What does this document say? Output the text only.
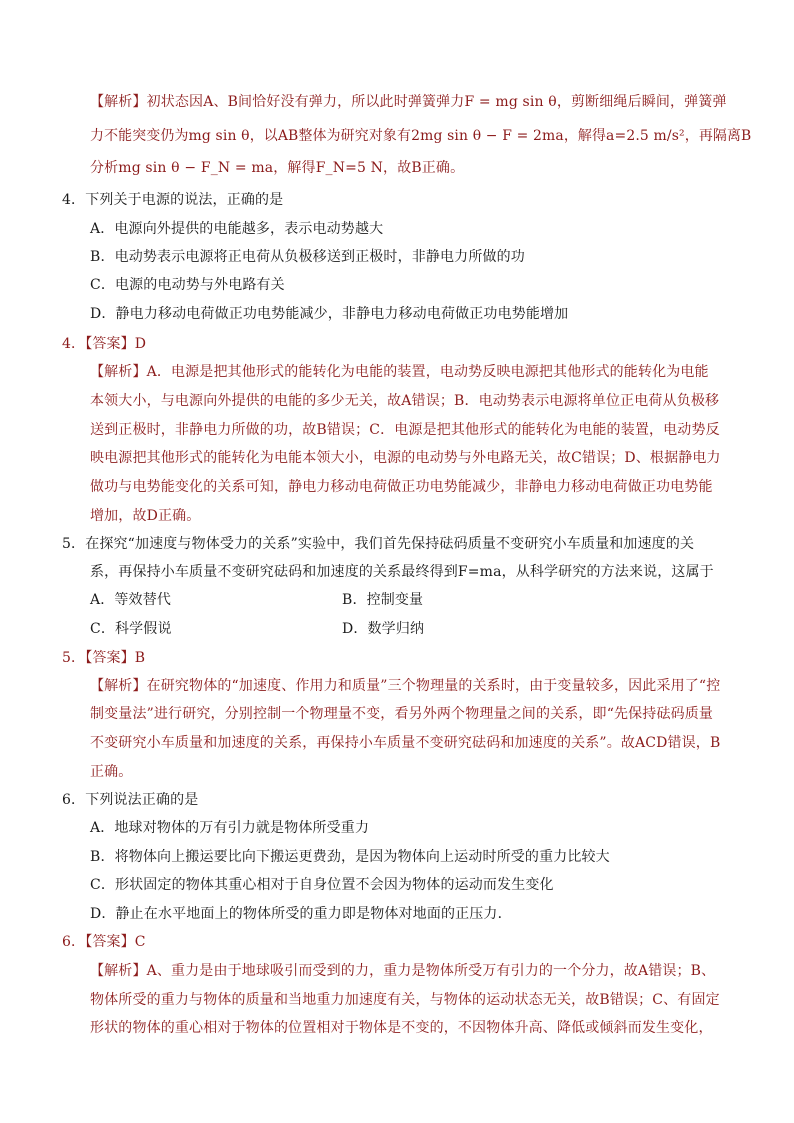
【解析】初状态因A、B间恰好没有弹力，所以此时弹簧弹力F = mg sin θ，剪断细绳后瞬间，弹簧弹
力不能突变仍为mg sin θ，以AB整体为研究对象有2mg sin θ − F = 2ma，解得a=2.5 m/s²，再隔离B
分析mg sin θ − F_N = ma，解得F_N=5 N，故B正确。
4．下列关于电源的说法，正确的是
A．电源向外提供的电能越多，表示电动势越大
B．电动势表示电源将正电荷从负极移送到正极时，非静电力所做的功
C．电源的电动势与外电路有关
D．静电力移动电荷做正功电势能减少，非静电力移动电荷做正功电势能增加
4．【答案】D
【解析】A．电源是把其他形式的能转化为电能的装置，电动势反映电源把其他形式的能转化为电能
本领大小，与电源向外提供的电能的多少无关，故A错误；B．电动势表示电源将单位正电荷从负极移
送到正极时，非静电力所做的功，故B错误；C．电源是把其他形式的能转化为电能的装置，电动势反
映电源把其他形式的能转化为电能本领大小，电源的电动势与外电路无关，故C错误；D、根据静电力
做功与电势能变化的关系可知，静电力移动电荷做正功电势能减少，非静电力移动电荷做正功电势能
增加，故D正确。
5．在探究“加速度与物体受力的关系”实验中，我们首先保持砝码质量不变研究小车质量和加速度的关
系，再保持小车质量不变研究砝码和加速度的关系最终得到F=ma，从科学研究的方法来说，这属于
A．等效替代	B．控制变量
C．科学假说	D．数学归纳
5．【答案】B
【解析】在研究物体的“加速度、作用力和质量”三个物理量的关系时，由于变量较多，因此采用了“控
制变量法”进行研究，分别控制一个物理量不变，看另外两个物理量之间的关系，即“先保持砝码质量
不变研究小车质量和加速度的关系，再保持小车质量不变研究砝码和加速度的关系”。故ACD错误，B
正确。
6．下列说法正确的是
A．地球对物体的万有引力就是物体所受重力
B．将物体向上搬运要比向下搬运更费劲，是因为物体向上运动时所受的重力比较大
C．形状固定的物体其重心相对于自身位置不会因为物体的运动而发生变化
D．静止在水平地面上的物体所受的重力即是物体对地面的正压力．
6．【答案】C
【解析】A、重力是由于地球吸引而受到的力，重力是物体所受万有引力的一个分力，故A错误；B、
物体所受的重力与物体的质量和当地重力加速度有关，与物体的运动状态无关，故B错误；C、有固定
形状的物体的重心相对于物体的位置相对于物体是不变的，不因物体升高、降低或倾斜而发生变化，
